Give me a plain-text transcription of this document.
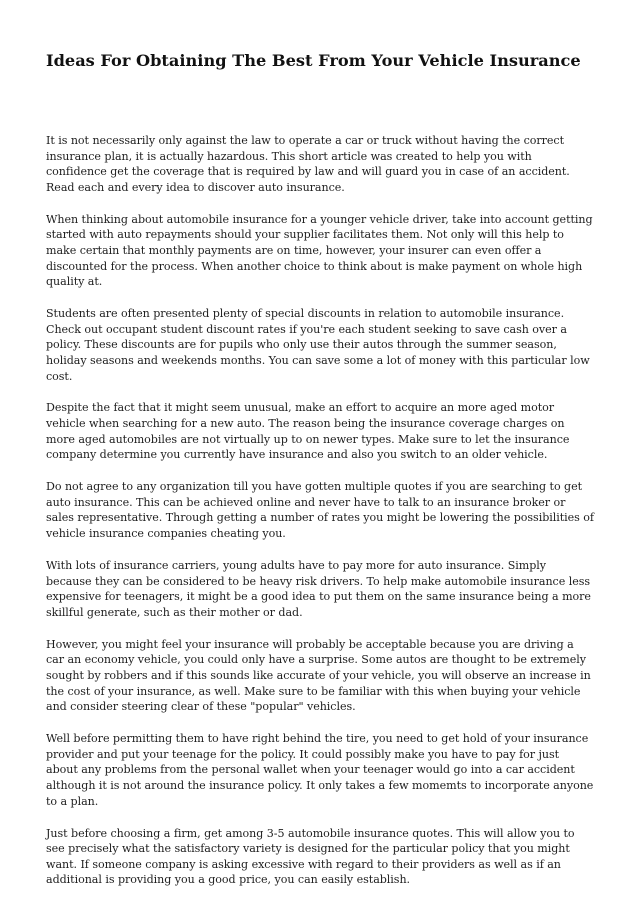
Ideas For Obtaining The Best From Your Vehicle Insurance

It is not necessarily only against the law to operate a car or truck without having the correct insurance plan, it is actually hazardous. This short article was created to help you with confidence get the coverage that is required by law and will guard you in case of an accident. Read each and every idea to discover auto insurance.

When thinking about automobile insurance for a younger vehicle driver, take into account getting started with auto repayments should your supplier facilitates them. Not only will this help to make certain that monthly payments are on time, however, your insurer can even offer a discounted for the process. When another choice to think about is make payment on whole high quality at.

Students are often presented plenty of special discounts in relation to automobile insurance. Check out occupant student discount rates if you're each student seeking to save cash over a policy. These discounts are for pupils who only use their autos through the summer season, holiday seasons and weekends months. You can save some a lot of money with this particular low cost.

Despite the fact that it might seem unusual, make an effort to acquire an more aged motor vehicle when searching for a new auto. The reason being the insurance coverage charges on more aged automobiles are not virtually up to on newer types. Make sure to let the insurance company determine you currently have insurance and also you switch to an older vehicle.

Do not agree to any organization till you have gotten multiple quotes if you are searching to get auto insurance. This can be achieved online and never have to talk to an insurance broker or sales representative. Through getting a number of rates you might be lowering the possibilities of vehicle insurance companies cheating you.

With lots of insurance carriers, young adults have to pay more for auto insurance. Simply because they can be considered to be heavy risk drivers. To help make automobile insurance less expensive for teenagers, it might be a good idea to put them on the same insurance being a more skillful generate, such as their mother or dad.

However, you might feel your insurance will probably be acceptable because you are driving a car an economy vehicle, you could only have a surprise. Some autos are thought to be extremely sought by robbers and if this sounds like accurate of your vehicle, you will observe an increase in the cost of your insurance, as well. Make sure to be familiar with this when buying your vehicle and consider steering clear of these "popular" vehicles.

Well before permitting them to have right behind the tire, you need to get hold of your insurance provider and put your teenage for the policy. It could possibly make you have to pay for just about any problems from the personal wallet when your teenager would go into a car accident although it is not around the insurance policy. It only takes a few momemts to incorporate anyone to a plan.

Just before choosing a firm, get among 3-5 automobile insurance quotes. This will allow you to see precisely what the satisfactory variety is designed for the particular policy that you might want. If someone company is asking excessive with regard to their providers as well as if an additional is providing you a good price, you can easily establish.
